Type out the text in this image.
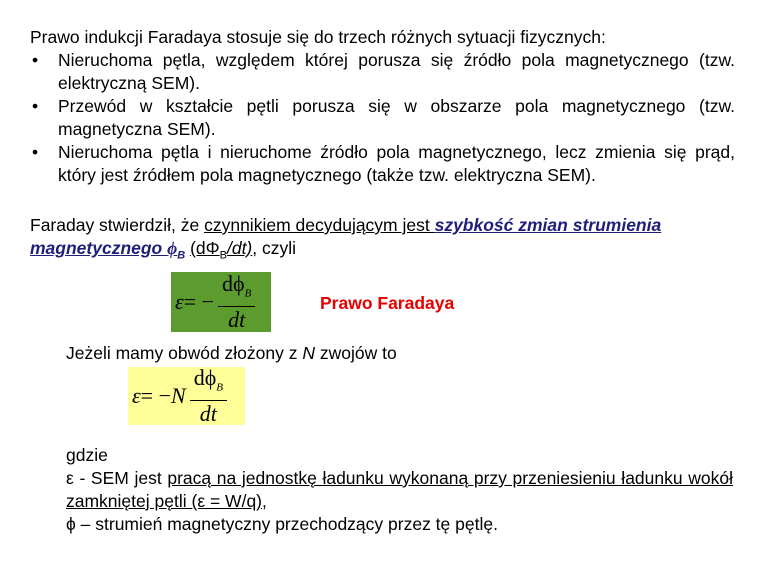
Prawo indukcji Faradaya stosuje się do trzech różnych sytuacji fizycznych:
• Nieruchoma pętla, względem której porusza się źródło pola magnetycznego (tzw. elektryczną SEM).
• Przewód w kształcie pętli porusza się w obszarze pola magnetycznego (tzw. magnetyczna SEM).
• Nieruchoma pętla i nieruchome źródło pola magnetycznego, lecz zmienia się prąd, który jest źródłem pola magnetycznego (także tzw. elektryczna SEM).
Faraday stwierdził, że czynnikiem decydującym jest szybkość zmian strumienia magnetycznego $\phi_B$ $(d\Phi_B/dt)$, czyli
ε = − $\frac{d\phi_B}{dt}$	Prawo Faradaya
Jeżeli mamy obwód złożony z N zwojów to
ε = − N $\frac{d\phi_B}{dt}$
gdzie
ε - SEM jest pracą na jednostkę ładunku wykonaną przy przeniesieniu ładunku wokół zamkniętej pętli (ε = W/q),
ϕ – strumień magnetyczny przechodzący przez tę pętlę.
